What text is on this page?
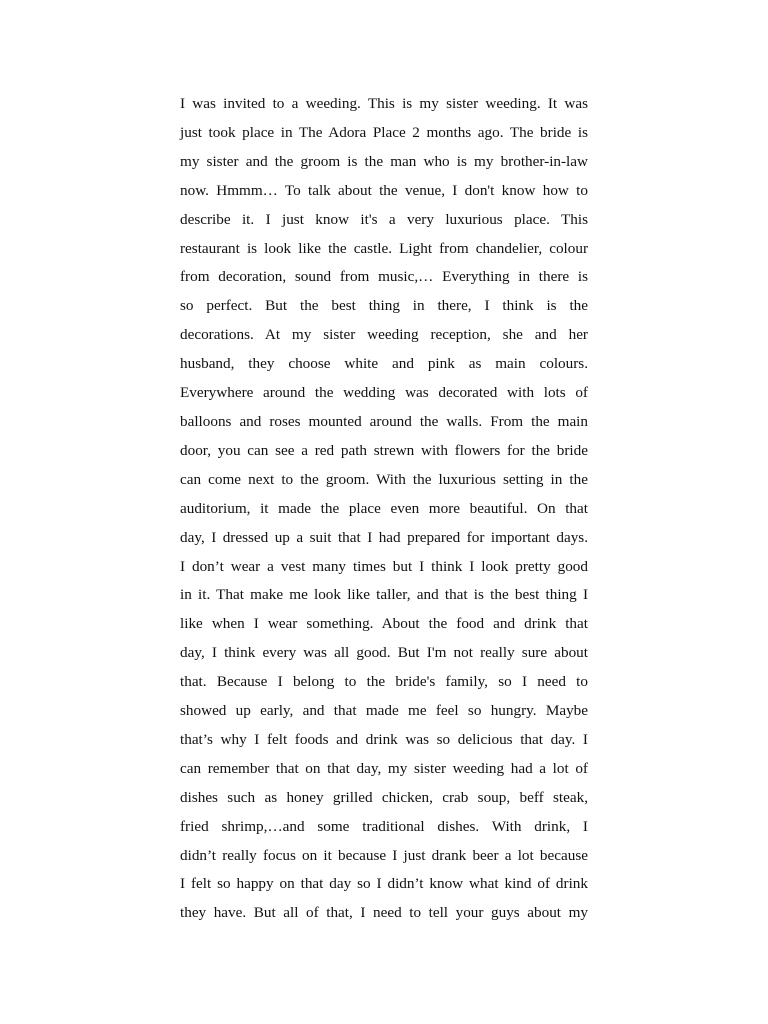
I was invited to a weeding. This is my sister weeding. It was
just took place in The Adora Place 2 months ago. The bride is
my sister and the groom is the man who is my brother-in-law
now. Hmmm… To talk about the venue, I don't know how to
describe it. I just know it's a very luxurious place. This
restaurant is look like the castle. Light from chandelier, colour
from decoration, sound from music,… Everything in there is
so perfect. But the best thing in there, I think is the
decorations. At my sister weeding reception, she and her
husband, they choose white and pink as main colours.
Everywhere around the wedding was decorated with lots of
balloons and roses mounted around the walls. From the main
door, you can see a red path strewn with flowers for the bride
can come next to the groom. With the luxurious setting in the
auditorium, it made the place even more beautiful. On that
day, I dressed up a suit that I had prepared for important days.
I don’t wear a vest many times but I think I look pretty good
in it. That make me look like taller, and that is the best thing I
like when I wear something. About the food and drink that
day, I think every was all good. But I'm not really sure about
that. Because I belong to the bride's family, so I need to
showed up early, and that made me feel so hungry. Maybe
that’s why I felt foods and drink was so delicious that day. I
can remember that on that day, my sister weeding had a lot of
dishes such as honey grilled chicken, crab soup, beff steak,
fried shrimp,…and some traditional dishes. With drink, I
didn’t really focus on it because I just drank beer a lot because
I felt so happy on that day so I didn’t know what kind of drink
they have. But all of that, I need to tell your guys about my
